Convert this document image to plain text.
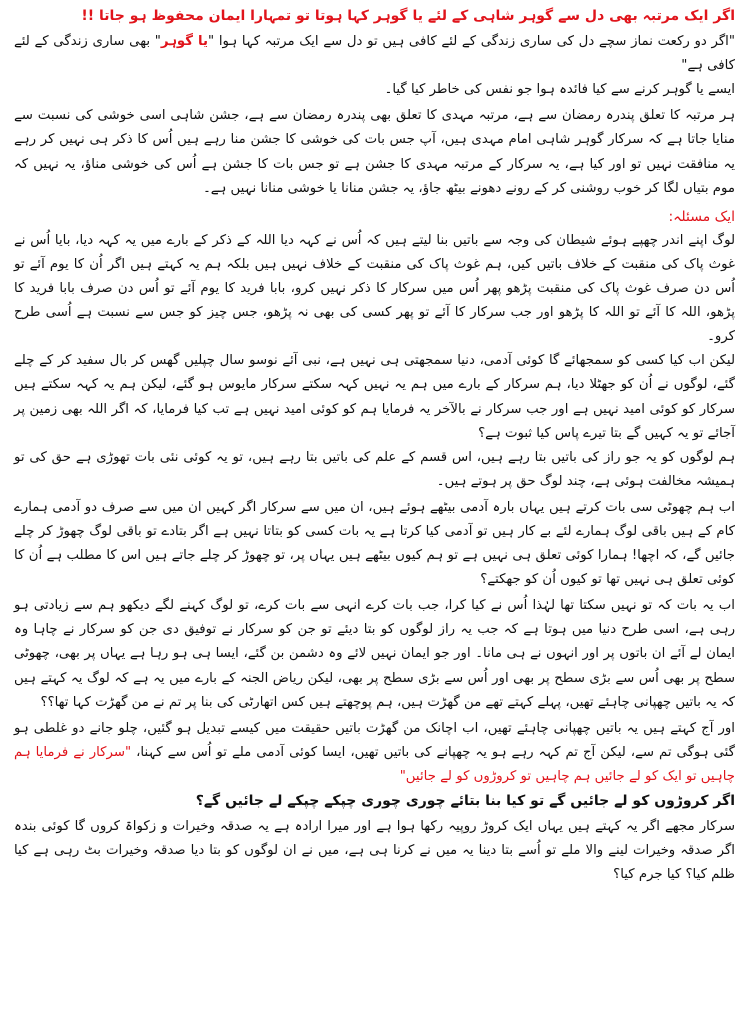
اگر ایک مرتبہ بھی دل سے گوہر شاہی کے لئے یا گوہر کہا ہوتا تو تمہارا ایمان محفوظ ہو جاتا !!

"اگر دو رکعت نماز سچے دل کی ساری زندگی کے لئے کافی ہیں تو دل سے ایک مرتبہ کہا ہوا "یا گوہر" بھی ساری زندگی کے لئے کافی ہے"

ایسے یا گوہر کرنے سے کیا فائدہ ہوا جو نفس کی خاطر کیا گیا۔

ہر مرتبہ کا تعلق پندرہ رمضان سے ہے، مرتبہ مہدی کا تعلق بھی پندرہ رمضان سے ہے، جشن شاہی اسی خوشی کی نسبت سے منایا جاتا ہے کہ سرکار گوہر شاہی امام مہدی ہیں، آپ جس بات کی خوشی کا جشن منا رہے ہیں اُس کا ذکر ہی نہیں کر رہے یہ منافقت نہیں تو اور کیا ہے، یہ سرکار کے مرتبہ مہدی کا جشن ہے تو جس بات کا جشن ہے اُس کی خوشی مناؤ، یہ نہیں کہ موم بتیاں لگا کر خوب روشنی کر کے رونے دھونے بیٹھ جاؤ، یہ جشن منانا یا خوشی منانا نہیں ہے۔

ایک مسئلہ:

لوگ اپنے اندر چھپے ہوئے شیطان کی وجہ سے باتیں بنا لیتے ہیں کہ اُس نے کہہ دیا اللہ کے ذکر کے بارے میں یہ کہہ دیا، بایا اُس نے غوث پاک کی منقبت کے خلاف باتیں کیں، ہم غوث پاک کی منقبت کے خلاف نہیں ہیں بلکہ ہم یہ کہتے ہیں اگر اُن کا یوم آئے تو اُس دن صرف غوث پاک کی منقبت پڑھو پھر اُس میں سرکار کا ذکر نہیں کرو، بابا فرید کا یوم آئے تو اُس دن صرف بابا فرید کا پڑھو، اللہ کا آئے تو اللہ کا پڑھو اور جب سرکار کا آئے تو پھر کسی کی بھی نہ پڑھو، جس چیز کو جس سے نسبت ہے اُسی طرح کرو۔

لیکن اب کیا کسی کو سمجھائے گا کوئی آدمی، دنیا سمجھتی ہی نہیں ہے، نبی آئے نوسو سال چپلیں گھس کر بال سفید کر کے چلے گئے، لوگوں نے اُن کو جھٹلا دیا، ہم سرکار کے بارے میں ہم یہ نہیں کہہ سکتے سرکار مایوس ہو گئے، لیکن ہم یہ کہہ سکتے ہیں سرکار کو کوئی امید نہیں ہے اور جب سرکار نے بالآخر یہ فرمایا ہم کو کوئی امید نہیں ہے تب کیا فرمایا، کہ اگر اللہ بھی زمین پر آجائے تو یہ کہیں گے بتا تیرے پاس کیا ثبوت ہے؟

ہم لوگوں کو یہ جو راز کی باتیں بتا رہے ہیں، اس قسم کے علم کی باتیں بتا رہے ہیں، تو یہ کوئی نئی بات تھوڑی ہے حق کی تو ہمیشہ مخالفت ہوئی ہے، چند لوگ حق پر ہوتے ہیں۔

اب ہم چھوٹی سی بات کرتے ہیں یہاں بارہ آدمی بیٹھے ہوئے ہیں، ان میں سے سرکار اگر کہیں ان میں سے صرف دو آدمی ہمارے کام کے ہیں باقی لوگ ہمارے لئے بے کار ہیں تو آدمی کیا کرتا ہے یہ بات کسی کو بتاتا نہیں ہے اگر بتادے تو باقی لوگ چھوڑ کر چلے جائیں گے، کہ اچھا! ہمارا کوئی تعلق ہی نہیں ہے تو ہم کیوں بیٹھے ہیں یہاں پر، تو چھوڑ کر چلے جاتے ہیں اس کا مطلب ہے اُن کا کوئی تعلق ہی نہیں تھا تو کیوں اُن کو جھکتے؟

اب یہ بات کہ تو نہیں سکتا تھا لہٰذا اُس نے کیا کرا، جب بات کرے انہی سے بات کرے، تو لوگ کہنے لگے دیکھو ہم سے زیادتی ہو رہی ہے، اسی طرح دنیا میں ہوتا ہے کہ جب یہ راز لوگوں کو بتا دیئے تو جن کو سرکار نے توفیق دی جن کو سرکار نے چاہا وہ ایمان لے آئے ان باتوں پر اور انہوں نے ہی مانا۔ اور جو ایمان نہیں لائے وہ دشمن بن گئے، ایسا ہی ہو رہا ہے یہاں پر بھی، چھوٹی سطح پر بھی اُس سے بڑی سطح پر بھی اور اُس سے بڑی سطح پر بھی، لیکن ریاض الجنہ کے بارے میں یہ ہے کہ لوگ یہ کہتے ہیں کہ یہ باتیں چھپانی چاہئے تھیں، پہلے کہتے تھے من گھڑت ہیں، ہم پوچھتے ہیں کس اتھارٹی کی بنا پر تم نے من گھڑت کہا تھا؟؟

اور آج کہتے ہیں یہ باتیں چھپانی چاہئے تھیں، اب اچانک من گھڑت باتیں حقیقت میں کیسے تبدیل ہو گئیں، چلو جانے دو غلطی ہو گئی ہوگی تم سے، لیکن آج تم کہہ رہے ہو یہ چھپانے کی باتیں تھیں، ایسا کوئی آدمی ملے تو اُس سے کہنا، "سرکار نے فرمایا ہم چاہیں تو ایک کو لے جائیں ہم چاہیں تو کروڑوں کو لے جائیں"

اگر کروڑوں کو لے جائیں گے تو کیا بنا بتائے چوری چوری چپکے چپکے لے جائیں گے؟

سرکار مجھے اگر یہ کہتے ہیں یہاں ایک کروڑ روپیہ رکھا ہوا ہے اور میرا ارادہ ہے یہ صدقہ وخیرات و زکواۃ کروں گا کوئی بندہ اگر صدقہ وخیرات لینے والا ملے تو اُسے بتا دینا یہ میں نے کرنا ہی ہے، میں نے ان لوگوں کو بتا دیا صدقہ وخیرات بٹ رہی ہے کیا ظلم کیا؟ کیا جرم کیا؟
